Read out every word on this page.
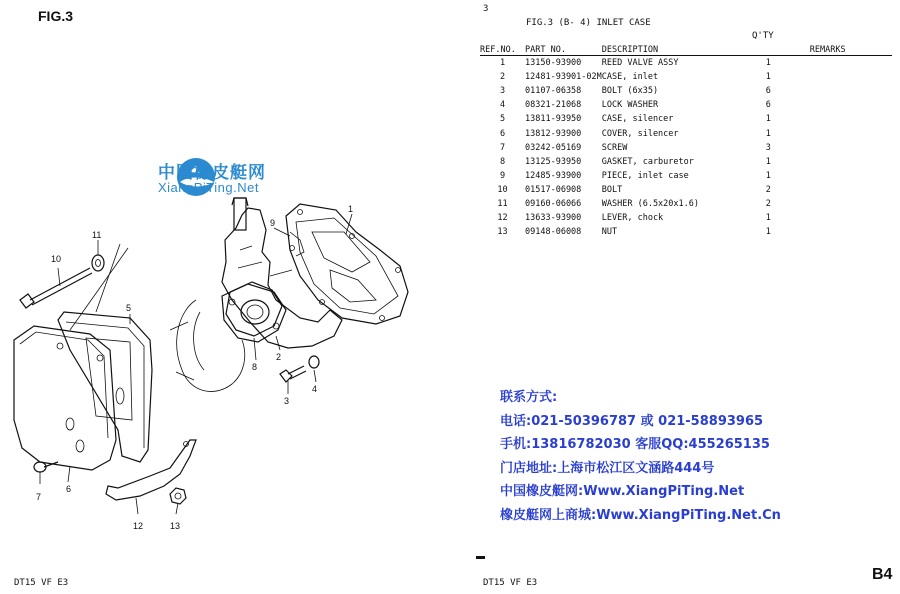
1
2
3
4
5
6
7
8
9
10
11
12	13
FIG.3
中国橡皮艇网
XiangPiTing.Net
3
FIG.3 (B- 4) INLET CASE
Q'TY
REF.NO.	PART NO.	DESCRIPTION		REMARKS
1	13150-93900	REED VALVE ASSY	1	
2	12481-93901-02M	CASE, inlet	1	
3	01107-06358	BOLT (6x35)	6	
4	08321-21068	LOCK WASHER	6	
5	13811-93950	CASE, silencer	1	
6	13812-93900	COVER, silencer	1	
7	03242-05169	SCREW	3	
8	13125-93950	GASKET, carburetor	1	
9	12485-93900	PIECE, inlet case	1	
10	01517-06908	BOLT	2	
11	09160-06066	WASHER (6.5x20x1.6)	2	
12	13633-93900	LEVER, chock	1	
13	09148-06008	NUT	1	
联系方式:
电话:021-50396787 或 021-58893965
手机:13816782030 客服QQ:455265135
门店地址:上海市松江区文涵路444号
中国橡皮艇网:Www.XiangPiTing.Net
橡皮艇网上商城:Www.XiangPiTing.Net.Cn
DT15 VF E3	DT15 VF E3	B4
